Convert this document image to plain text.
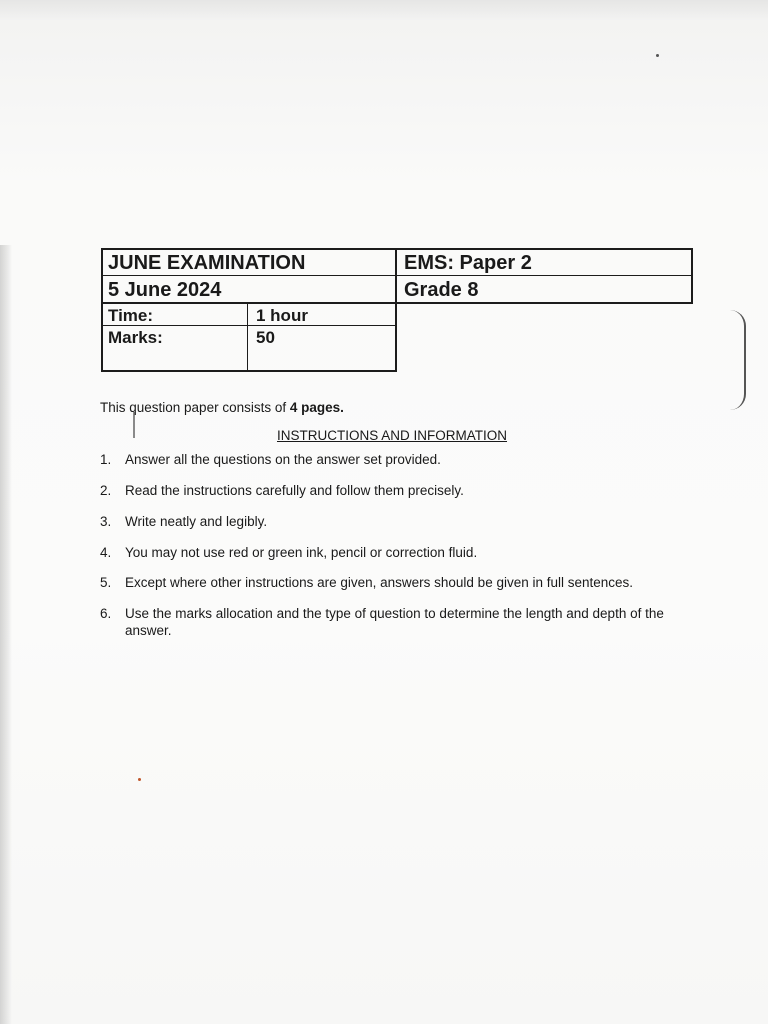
JUNE EXAMINATION
5 June 2024
EMS: Paper 2
Grade 8
Time:	1 hour
Marks:	50
This question paper consists of 4 pages.
INSTRUCTIONS AND INFORMATION
1. Answer all the questions on the answer set provided.
2. Read the instructions carefully and follow them precisely.
3. Write neatly and legibly.
4. You may not use red or green ink, pencil or correction fluid.
5. Except where other instructions are given, answers should be given in full sentences.
6. Use the marks allocation and the type of question to determine the length and depth of the answer.
